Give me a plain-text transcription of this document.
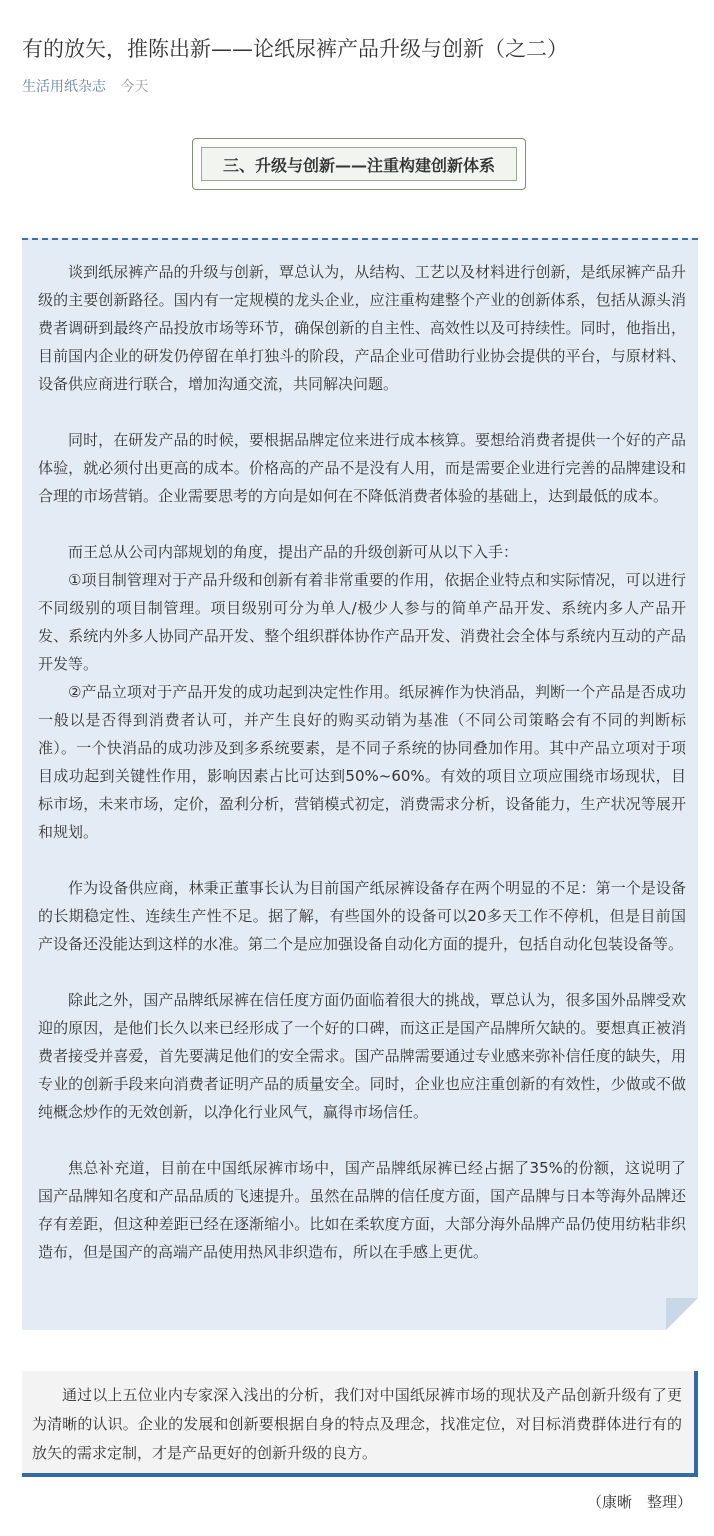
有的放矢，推陈出新——论纸尿裤产品升级与创新（之二）
生活用纸杂志 今天
三、升级与创新——注重构建创新体系

谈到纸尿裤产品的升级与创新，覃总认为，从结构、工艺以及材料进行创新，是纸尿裤产品升级的主要创新路径。国内有一定规模的龙头企业，应注重构建整个产业的创新体系，包括从源头消费者调研到最终产品投放市场等环节，确保创新的自主性、高效性以及可持续性。同时，他指出，目前国内企业的研发仍停留在单打独斗的阶段，产品企业可借助行业协会提供的平台，与原材料、设备供应商进行联合，增加沟通交流，共同解决问题。

同时，在研发产品的时候，要根据品牌定位来进行成本核算。要想给消费者提供一个好的产品体验，就必须付出更高的成本。价格高的产品不是没有人用，而是需要企业进行完善的品牌建设和合理的市场营销。企业需要思考的方向是如何在不降低消费者体验的基础上，达到最低的成本。

而王总从公司内部规划的角度，提出产品的升级创新可从以下入手：

①项目制管理对于产品升级和创新有着非常重要的作用，依据企业特点和实际情况，可以进行不同级别的项目制管理。项目级别可分为单人/极少人参与的简单产品开发、系统内多人产品开发、系统内外多人协同产品开发、整个组织群体协作产品开发、消费社会全体与系统内互动的产品开发等。

②产品立项对于产品开发的成功起到决定性作用。纸尿裤作为快消品，判断一个产品是否成功一般以是否得到消费者认可，并产生良好的购买动销为基准（不同公司策略会有不同的判断标准）。一个快消品的成功涉及到多系统要素，是不同子系统的协同叠加作用。其中产品立项对于项目成功起到关键性作用，影响因素占比可达到50%~60%。有效的项目立项应围绕市场现状，目标市场，未来市场，定价，盈利分析，营销模式初定，消费需求分析，设备能力，生产状况等展开和规划。

作为设备供应商，林秉正董事长认为目前国产纸尿裤设备存在两个明显的不足：第一个是设备的长期稳定性、连续生产性不足。据了解，有些国外的设备可以20多天工作不停机，但是目前国产设备还没能达到这样的水准。第二个是应加强设备自动化方面的提升，包括自动化包装设备等。

除此之外，国产品牌纸尿裤在信任度方面仍面临着很大的挑战，覃总认为，很多国外品牌受欢迎的原因，是他们长久以来已经形成了一个好的口碑，而这正是国产品牌所欠缺的。要想真正被消费者接受并喜爱，首先要满足他们的安全需求。国产品牌需要通过专业感来弥补信任度的缺失，用专业的创新手段来向消费者证明产品的质量安全。同时，企业也应注重创新的有效性，少做或不做纯概念炒作的无效创新，以净化行业风气，赢得市场信任。

焦总补充道，目前在中国纸尿裤市场中，国产品牌纸尿裤已经占据了35%的份额，这说明了国产品牌知名度和产品品质的飞速提升。虽然在品牌的信任度方面，国产品牌与日本等海外品牌还存有差距，但这种差距已经在逐渐缩小。比如在柔软度方面，大部分海外品牌产品仍使用纺粘非织造布，但是国产的高端产品使用热风非织造布，所以在手感上更优。

通过以上五位业内专家深入浅出的分析，我们对中国纸尿裤市场的现状及产品创新升级有了更为清晰的认识。企业的发展和创新要根据自身的特点及理念，找准定位，对目标消费群体进行有的放矢的需求定制，才是产品更好的创新升级的良方。

（康晰　整理）
